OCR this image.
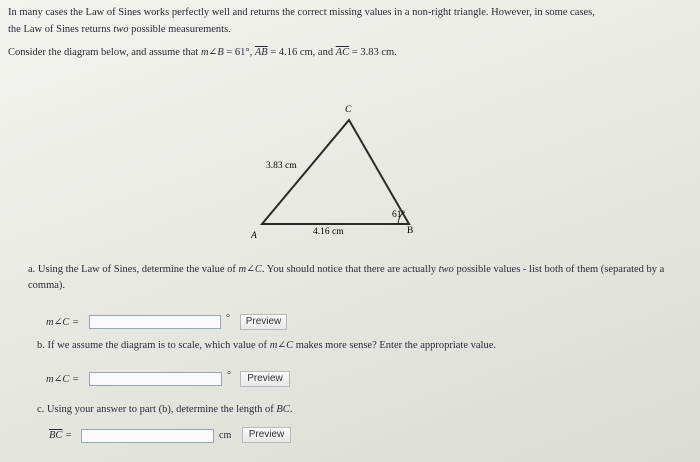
In many cases the Law of Sines works perfectly well and returns the correct missing values in a non-right triangle. However, in some cases,
the Law of Sines returns two possible measurements.
Consider the diagram below, and assume that m∠B = 61°, $\overline{AB} = 4.16$ cm, and $\overline{AC} = 3.83$ cm.
C
A	B
3.83 cm
4.16 cm
61°
a. Using the Law of Sines, determine the value of m∠C. You should notice that there are actually two possible values - list both of them (separated by a comma).
m∠C =	°	Preview
b. If we assume the diagram is to scale, which value of m∠C makes more sense? Enter the appropriate value.
m∠C =	°	Preview
c. Using your answer to part (b), determine the length of BC.
$\overline{BC}$ =	cm	Preview
